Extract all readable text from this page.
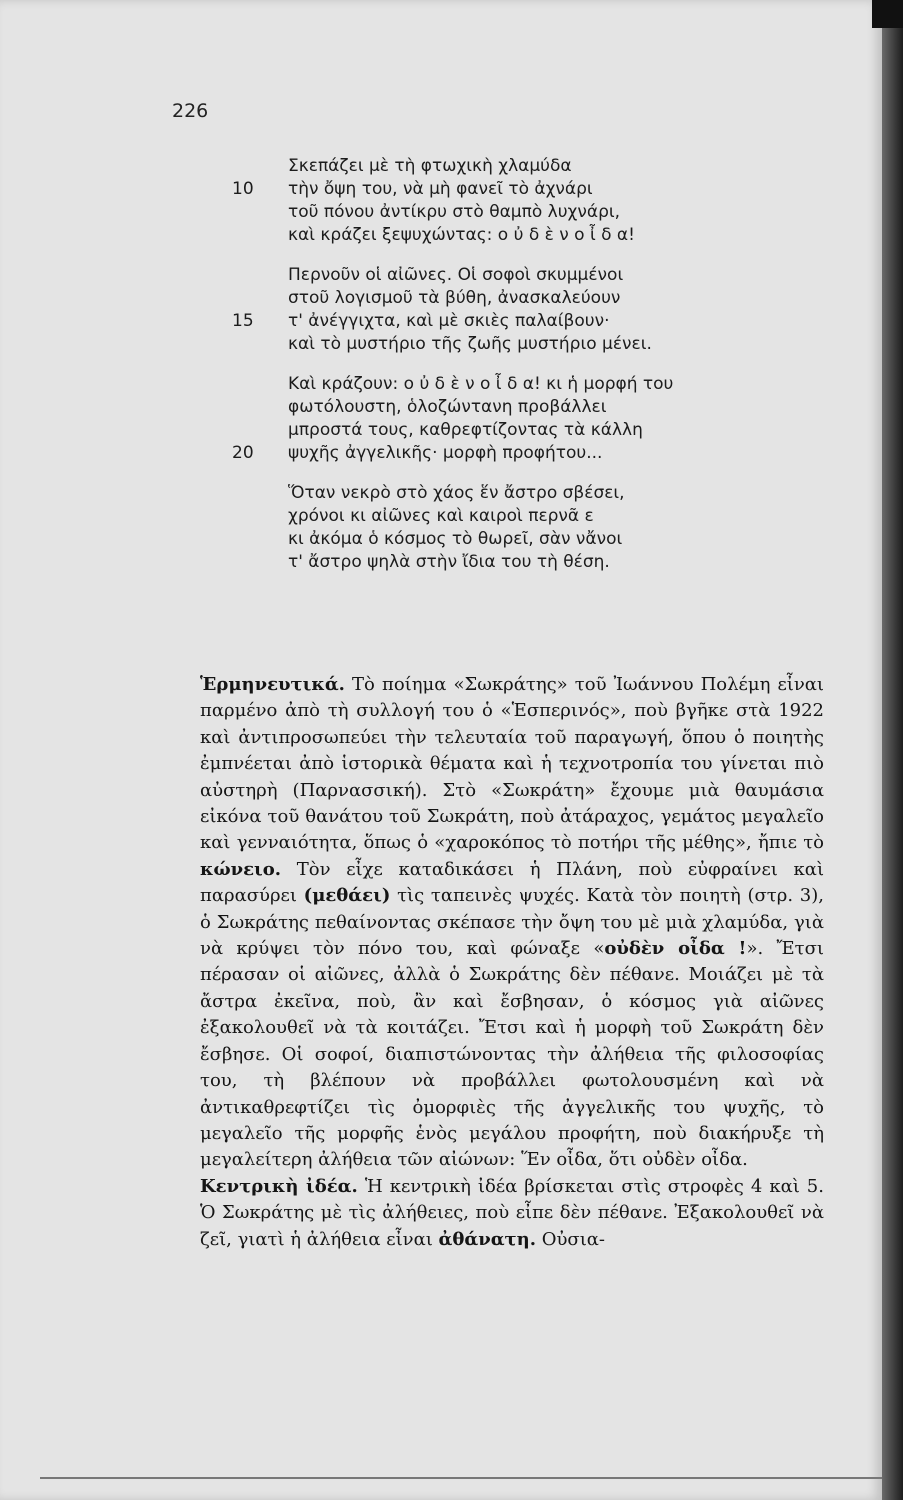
226
Σκεπάζει μὲ τὴ φτωχικὴ χλαμύδα
10 τὴν ὄψη του, νὰ μὴ φανεῖ τὸ ἀχνάρι
τοῦ πόνου ἀντίκρυ στὸ θαμπὸ λυχνάρι,
καὶ κράζει ξεψυχώντας: ο ὐ δ ὲ ν ο ἶ δ α!
Περνοῦν οἱ αἰῶνες. Οἱ σοφοὶ σκυμμένοι
στοῦ λογισμοῦ τὰ βύθη, ἀνασκαλεύουν
15 τ' ἀνέγγιχτα, καὶ μὲ σκιὲς παλαίβουν·
καὶ τὸ μυστήριο τῆς ζωῆς μυστήριο μένει.
Καὶ κράζουν: ο ὐ δ ὲ ν ο ἶ δ α! κι ἡ μορφή του
φωτόλουστη, ὁλοζώντανη προβάλλει
μπροστά τους, καθρεφτίζοντας τὰ κάλλη
20 ψυχῆς ἀγγελικῆς· μορφὴ προφήτου...
Ὅταν νεκρὸ στὸ χάος ἕν ἄστρο σβέσει,
χρόνοι κι αἰῶνες καὶ καιροὶ περνᾶ ε
κι ἀκόμα ὁ κόσμος τὸ θωρεῖ, σὰν νἄνοι
τ' ἄστρο ψηλὰ στὴν ἴδια του τὴ θέση.

Ἑρμηνευτικά. Τὸ ποίημα «Σωκράτης» τοῦ Ἰωάννου Πολέμη εἶναι παρμένο ἀπὸ τὴ συλλογή του ὁ «Ἑσπερινός», ποὺ βγῆκε στὰ 1922 καὶ ἀντιπροσωπεύει τὴν τελευταία τοῦ παραγωγή, ὅπου ὁ ποιητὴς ἐμπνέεται ἀπὸ ἱστορικὰ θέματα καὶ ἡ τεχνοτροπία του γίνεται πιὸ αὐστηρὴ (Παρνασσική). Στὸ «Σωκράτη» ἔχουμε μιὰ θαυμάσια εἰκόνα τοῦ θανάτου τοῦ Σωκράτη, ποὺ ἀτάραχος, γεμάτος μεγαλεῖο καὶ γενναιότητα, ὅπως ὁ «χαροκόπος τὸ ποτήρι τῆς μέθης», ἤπιε τὸ κώνειο. Τὸν εἶχε καταδικάσει ἡ Πλάνη, ποὺ εὐφραίνει καὶ παρασύρει (μεθάει) τὶς ταπεινὲς ψυχές. Κατὰ τὸν ποιητὴ (στρ. 3), ὁ Σωκράτης πεθαίνοντας σκέπασε τὴν ὄψη του μὲ μιὰ χλαμύδα, γιὰ νὰ κρύψει τὸν πόνο του, καὶ φώναξε «οὐδὲν οἶδα !». Ἔτσι πέρασαν οἱ αἰῶνες, ἀλλὰ ὁ Σωκράτης δὲν πέθανε. Μοιάζει μὲ τὰ ἄστρα ἐκεῖνα, ποὺ, ἂν καὶ ἔσβησαν, ὁ κόσμος γιὰ αἰῶνες ἐξακολουθεῖ νὰ τὰ κοιτάζει. Ἔτσι καὶ ἡ μορφὴ τοῦ Σωκράτη δὲν ἔσβησε. Οἱ σοφοί, διαπιστώνοντας τὴν ἀλήθεια τῆς φιλοσοφίας του, τὴ βλέπουν νὰ προβάλλει φωτολουσμένη καὶ νὰ ἀντικαθρεφτίζει τὶς ὀμορφιὲς τῆς ἀγγελικῆς του ψυχῆς, τὸ μεγαλεῖο τῆς μορφῆς ἑνὸς μεγάλου προφήτη, ποὺ διακήρυξε τὴ μεγαλείτερη ἀλήθεια τῶν αἰώνων: Ἕν οἶδα, ὅτι οὐδὲν οἶδα.

Κεντρικὴ ἰδέα. Ἡ κεντρικὴ ἰδέα βρίσκεται στὶς στροφὲς 4 καὶ 5. Ὁ Σωκράτης μὲ τὶς ἀλήθειες, ποὺ εἶπε δὲν πέθανε. Ἐξακολουθεῖ νὰ ζεῖ, γιατὶ ἡ ἀλήθεια εἶναι ἀθάνατη. Οὐσια-
